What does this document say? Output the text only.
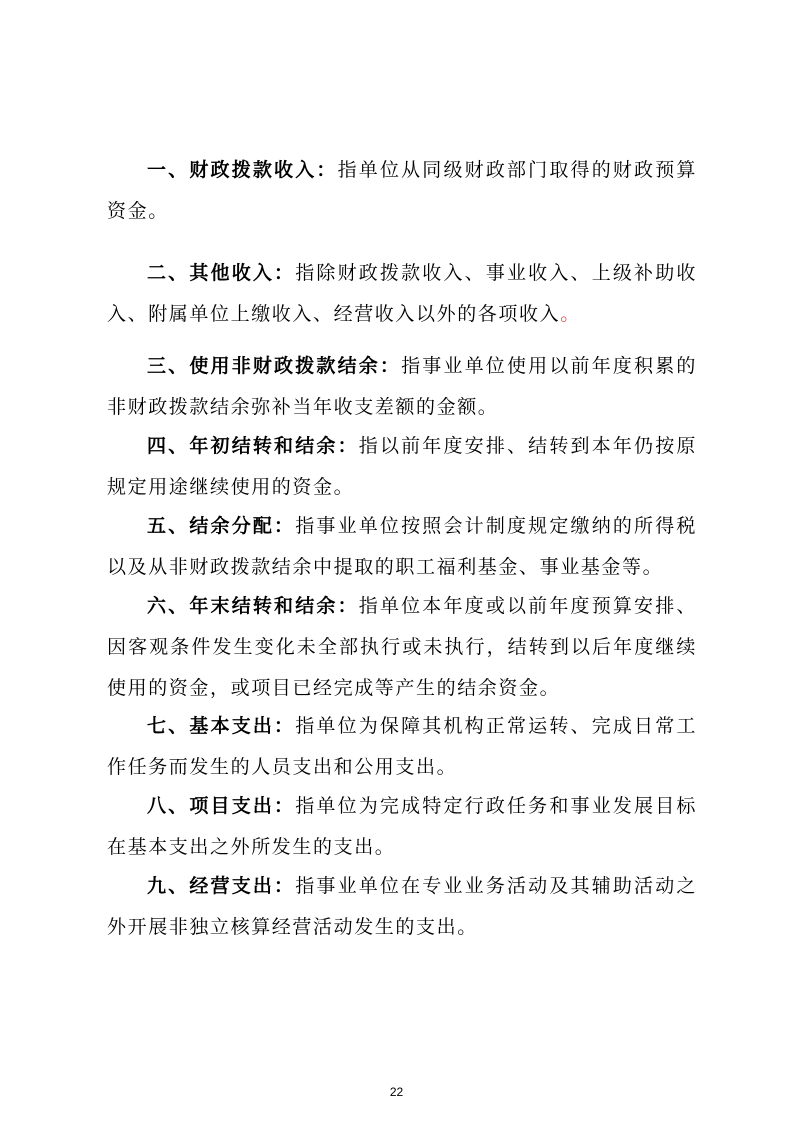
一、财政拨款收入：指单位从同级财政部门取得的财政预算资金。

二、其他收入：指除财政拨款收入、事业收入、上级补助收入、附属单位上缴收入、经营收入以外的各项收入。

三、使用非财政拨款结余：指事业单位使用以前年度积累的非财政拨款结余弥补当年收支差额的金额。

四、年初结转和结余：指以前年度安排、结转到本年仍按原规定用途继续使用的资金。

五、结余分配：指事业单位按照会计制度规定缴纳的所得税以及从非财政拨款结余中提取的职工福利基金、事业基金等。

六、年末结转和结余：指单位本年度或以前年度预算安排、因客观条件发生变化未全部执行或未执行，结转到以后年度继续使用的资金，或项目已经完成等产生的结余资金。

七、基本支出：指单位为保障其机构正常运转、完成日常工作任务而发生的人员支出和公用支出。

八、项目支出：指单位为完成特定行政任务和事业发展目标在基本支出之外所发生的支出。

九、经营支出：指事业单位在专业业务活动及其辅助活动之外开展非独立核算经营活动发生的支出。

22
